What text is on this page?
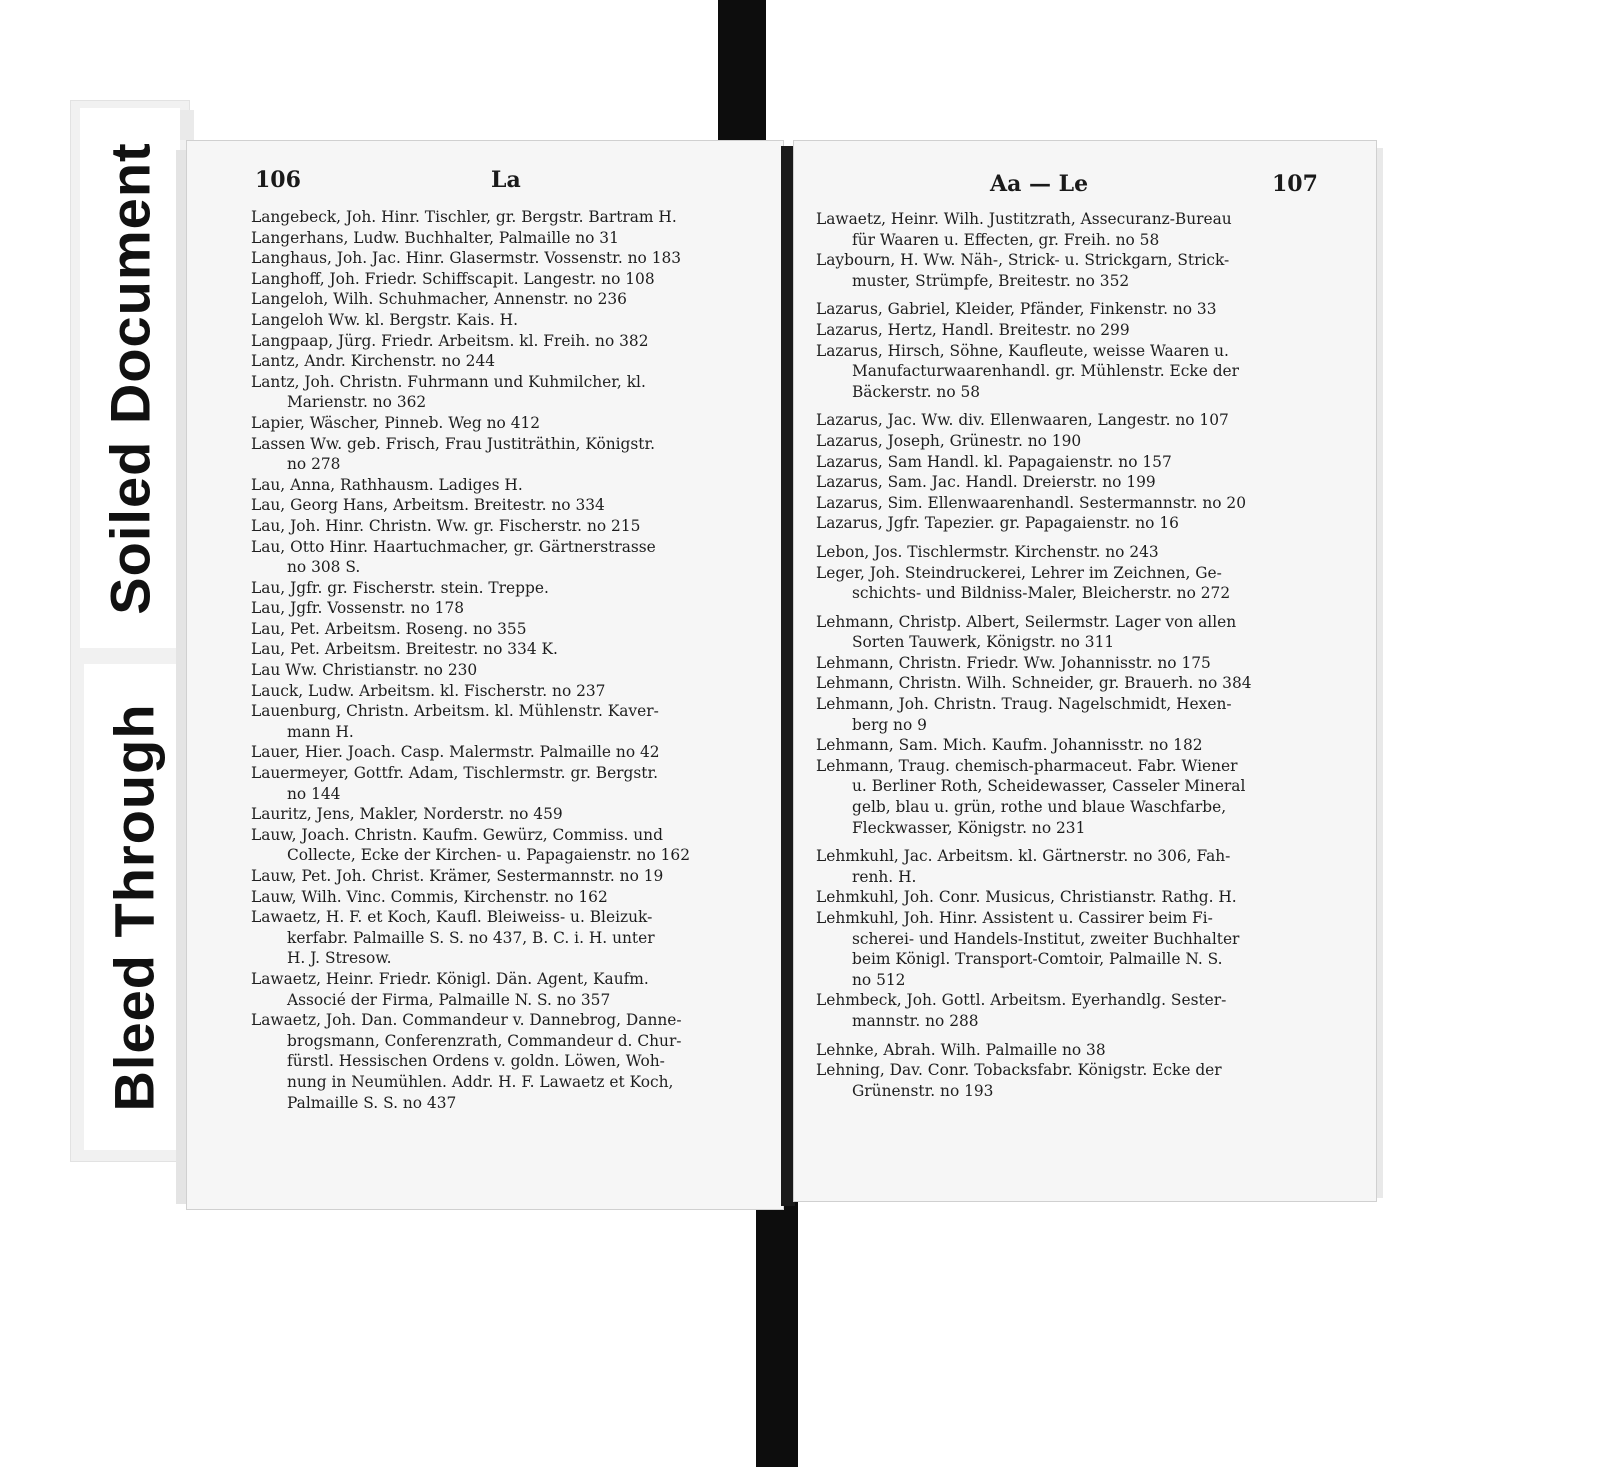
Soiled Document
Bleed Through
106	La
Langebeck, Joh. Hinr. Tischler, gr. Bergstr. Bartram H.
Langerhans, Ludw. Buchhalter, Palmaille no 31
Langhaus, Joh. Jac. Hinr. Glasermstr. Vossenstr. no 183
Langhoff, Joh. Friedr. Schiffscapit. Langestr. no 108
Langeloh, Wilh. Schuhmacher, Annenstr. no 236
Langeloh Ww. kl. Bergstr. Kais. H.
Langpaap, Jürg. Friedr. Arbeitsm. kl. Freih. no 382
Lantz, Andr. Kirchenstr. no 244
Lantz, Joh. Christn. Fuhrmann und Kuhmilcher, kl.
Marienstr. no 362
Lapier, Wäscher, Pinneb. Weg no 412
Lassen Ww. geb. Frisch, Frau Justiträthin, Königstr.
no 278
Lau, Anna, Rathhausm. Ladiges H.
Lau, Georg Hans, Arbeitsm. Breitestr. no 334
Lau, Joh. Hinr. Christn. Ww. gr. Fischerstr. no 215
Lau, Otto Hinr. Haartuchmacher, gr. Gärtnerstrasse
no 308 S.
Lau, Jgfr. gr. Fischerstr. stein. Treppe.
Lau, Jgfr. Vossenstr. no 178
Lau, Pet. Arbeitsm. Roseng. no 355
Lau, Pet. Arbeitsm. Breitestr. no 334 K.
Lau Ww. Christianstr. no 230
Lauck, Ludw. Arbeitsm. kl. Fischerstr. no 237
Lauenburg, Christn. Arbeitsm. kl. Mühlenstr. Kaver-
mann H.
Lauer, Hier. Joach. Casp. Malermstr. Palmaille no 42
Lauermeyer, Gottfr. Adam, Tischlermstr. gr. Bergstr.
no 144
Lauritz, Jens, Makler, Norderstr. no 459
Lauw, Joach. Christn. Kaufm. Gewürz, Commiss. und
Collecte, Ecke der Kirchen- u. Papagaienstr. no 162
Lauw, Pet. Joh. Christ. Krämer, Sestermannstr. no 19
Lauw, Wilh. Vinc. Commis, Kirchenstr. no 162
Lawaetz, H. F. et Koch, Kaufl. Bleiweiss- u. Bleizuk-
kerfabr. Palmaille S. S. no 437, B. C. i. H. unter
H. J. Stresow.
Lawaetz, Heinr. Friedr. Königl. Dän. Agent, Kaufm.
Associé der Firma, Palmaille N. S. no 357
Lawaetz, Joh. Dan. Commandeur v. Dannebrog, Danne-
brogsmann, Conferenzrath, Commandeur d. Chur-
fürstl. Hessischen Ordens v. goldn. Löwen, Woh-
nung in Neumühlen. Addr. H. F. Lawaetz et Koch,
Palmaille S. S. no 437
Aa — Le	107
Lawaetz, Heinr. Wilh. Justitzrath, Assecuranz-Bureau
für Waaren u. Effecten, gr. Freih. no 58
Laybourn, H. Ww. Näh-, Strick- u. Strickgarn, Strick-
muster, Strümpfe, Breitestr. no 352
Lazarus, Gabriel, Kleider, Pfänder, Finkenstr. no 33
Lazarus, Hertz, Handl. Breitestr. no 299
Lazarus, Hirsch, Söhne, Kaufleute, weisse Waaren u.
Manufacturwaarenhandl. gr. Mühlenstr. Ecke der
Bäckerstr. no 58
Lazarus, Jac. Ww. div. Ellenwaaren, Langestr. no 107
Lazarus, Joseph, Grünestr. no 190
Lazarus, Sam Handl. kl. Papagaienstr. no 157
Lazarus, Sam. Jac. Handl. Dreierstr. no 199
Lazarus, Sim. Ellenwaarenhandl. Sestermannstr. no 20
Lazarus, Jgfr. Tapezier. gr. Papagaienstr. no 16
Lebon, Jos. Tischlermstr. Kirchenstr. no 243
Leger, Joh. Steindruckerei, Lehrer im Zeichnen, Ge-
schichts- und Bildniss-Maler, Bleicherstr. no 272
Lehmann, Christp. Albert, Seilermstr. Lager von allen
Sorten Tauwerk, Königstr. no 311
Lehmann, Christn. Friedr. Ww. Johannisstr. no 175
Lehmann, Christn. Wilh. Schneider, gr. Brauerh. no 384
Lehmann, Joh. Christn. Traug. Nagelschmidt, Hexen-
berg no 9
Lehmann, Sam. Mich. Kaufm. Johannisstr. no 182
Lehmann, Traug. chemisch-pharmaceut. Fabr. Wiener
u. Berliner Roth, Scheidewasser, Casseler Mineral
gelb, blau u. grün, rothe und blaue Waschfarbe,
Fleckwasser, Königstr. no 231
Lehmkuhl, Jac. Arbeitsm. kl. Gärtnerstr. no 306, Fah-
renh. H.
Lehmkuhl, Joh. Conr. Musicus, Christianstr. Rathg. H.
Lehmkuhl, Joh. Hinr. Assistent u. Cassirer beim Fi-
scherei- und Handels-Institut, zweiter Buchhalter
beim Königl. Transport-Comtoir, Palmaille N. S.
no 512
Lehmbeck, Joh. Gottl. Arbeitsm. Eyerhandlg. Sester-
mannstr. no 288
Lehnke, Abrah. Wilh. Palmaille no 38
Lehning, Dav. Conr. Tobacksfabr. Königstr. Ecke der
Grünenstr. no 193
